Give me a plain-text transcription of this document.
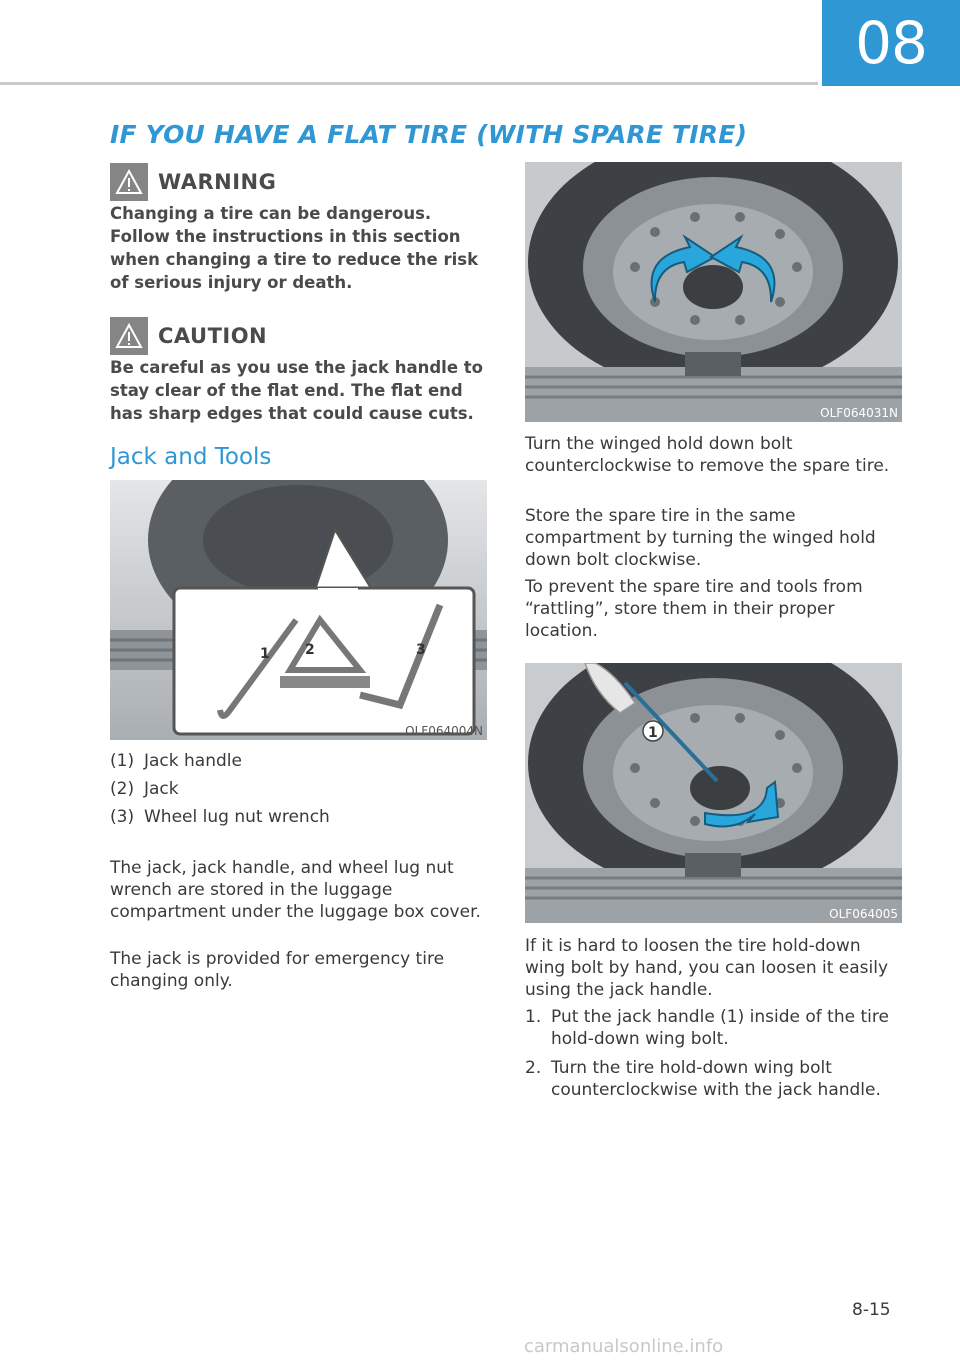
08
IF YOU HAVE A FLAT TIRE (WITH SPARE TIRE)
WARNING

Changing a tire can be dangerous. Follow the instructions in this section when changing a tire to reduce the risk of serious injury or death.

CAUTION

Be careful as you use the jack handle to stay clear of the flat end. The flat end has sharp edges that could cause cuts.

Jack and Tools
1	2	3
OLF064004N
(1) Jack handle
(2) Jack
(3) Wheel lug nut wrench

The jack, jack handle, and wheel lug nut wrench are stored in the luggage compartment under the luggage box cover.

The jack is provided for emergency tire changing only.

OLF064031N

Turn the winged hold down bolt counterclockwise to remove the spare tire.

Store the spare tire in the same compartment by turning the winged hold down bolt clockwise.

To prevent the spare tire and tools from “rattling”, store them in their proper location.

1
OLF064005

If it is hard to loosen the tire hold-down wing bolt by hand, you can loosen it easily using the jack handle.

1. Put the jack handle (1) inside of the tire hold-down wing bolt.
2. Turn the tire hold-down wing bolt counterclockwise with the jack handle.
8-15
carmanualsonline.info
